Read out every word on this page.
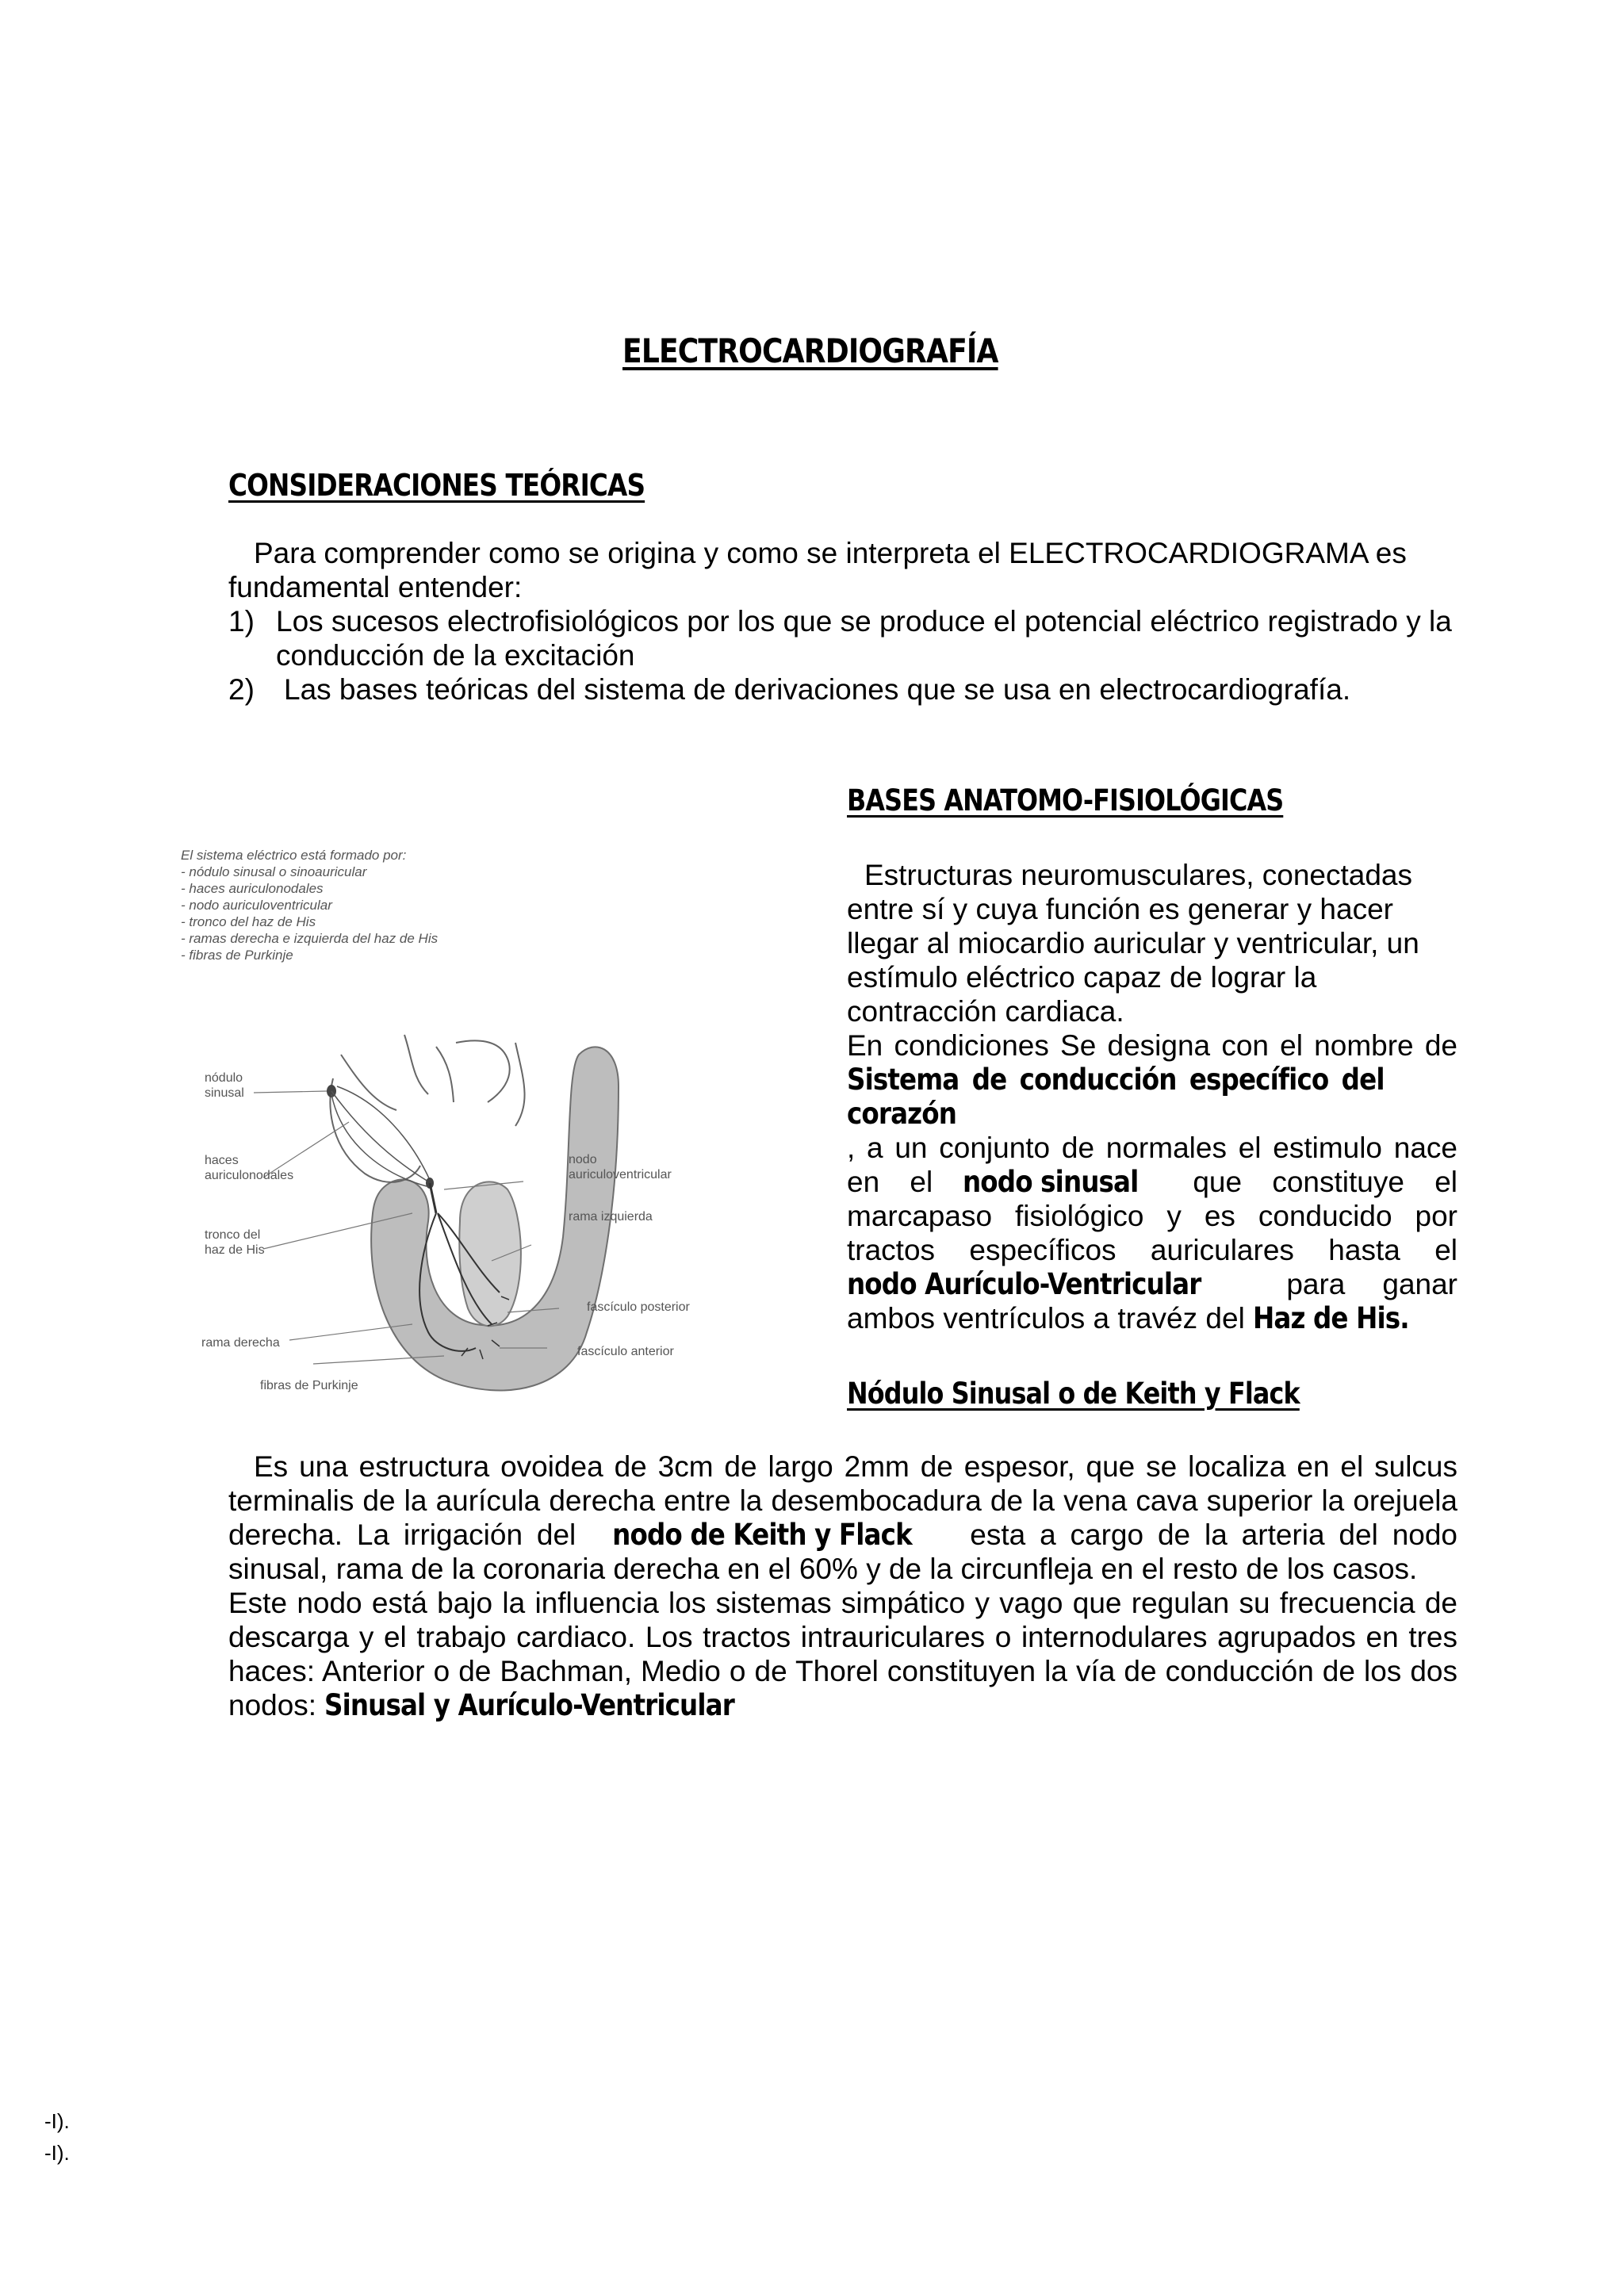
ELECTROCARDIOGRAFÍA
CONSIDERACIONES TEÓRICAS
Para comprender como se origina y como se interpreta el ELECTROCARDIOGRAMA es fundamental entender:
1) Los sucesos electrofisiológicos por los que se produce el potencial eléctrico registrado y la conducción de la excitación
2) Las bases teóricas del sistema de derivaciones que se usa en electrocardiografía.
El sistema eléctrico está formado por:
- nódulo sinusal o sinoauricular
- haces auriculonodales
- nodo auriculoventricular
- tronco del haz de His
- ramas derecha e izquierda del haz de His
- fibras de Purkinje
nódulo
sinusal
haces
auriculonodales
tronco del
haz de His
rama derecha
fibras de Purkinje
nodo
auriculoventricular
rama izquierda
fascículo posterior
fascículo anterior
BASES ANATOMO-FISIOLÓGICAS
Estructuras neuromusculares, conectadas entre sí y cuya función es generar y hacer llegar al miocardio auricular y ventricular, un estímulo eléctrico capaz de lograr la contracción cardiaca.
En condiciones Se designa con el nombre de Sistema de conducción específico del corazón, a un conjunto de normales el estimulo nace en el nodo sinusal que constituye el marcapaso fisiológico y es conducido por tractos específicos auriculares hasta el nodo Aurículo-Ventricular	para ganar ambos ventrículos a travéz del Haz de His.
Nódulo Sinusal o de Keith y Flack
Es una estructura ovoidea de 3cm de largo 2mm de espesor, que se localiza en el sulcus terminalis de la aurícula derecha entre la desembocadura de la vena cava superior la orejuela derecha. La irrigación del nodo de Keith y Flack esta a cargo de la arteria del nodo sinusal, rama de la coronaria derecha en el 60% y de la circunfleja en el resto de los casos.
Este nodo está bajo la influencia los sistemas simpático y vago que regulan su frecuencia de descarga y el trabajo cardiaco. Los tractos intrauriculares o internodulares agrupados en tres haces: Anterior o de Bachman, Medio o de Thorel constituyen la vía de conducción de los dos nodos: Sinusal y Aurículo-Ventricular
-I).
-I).
